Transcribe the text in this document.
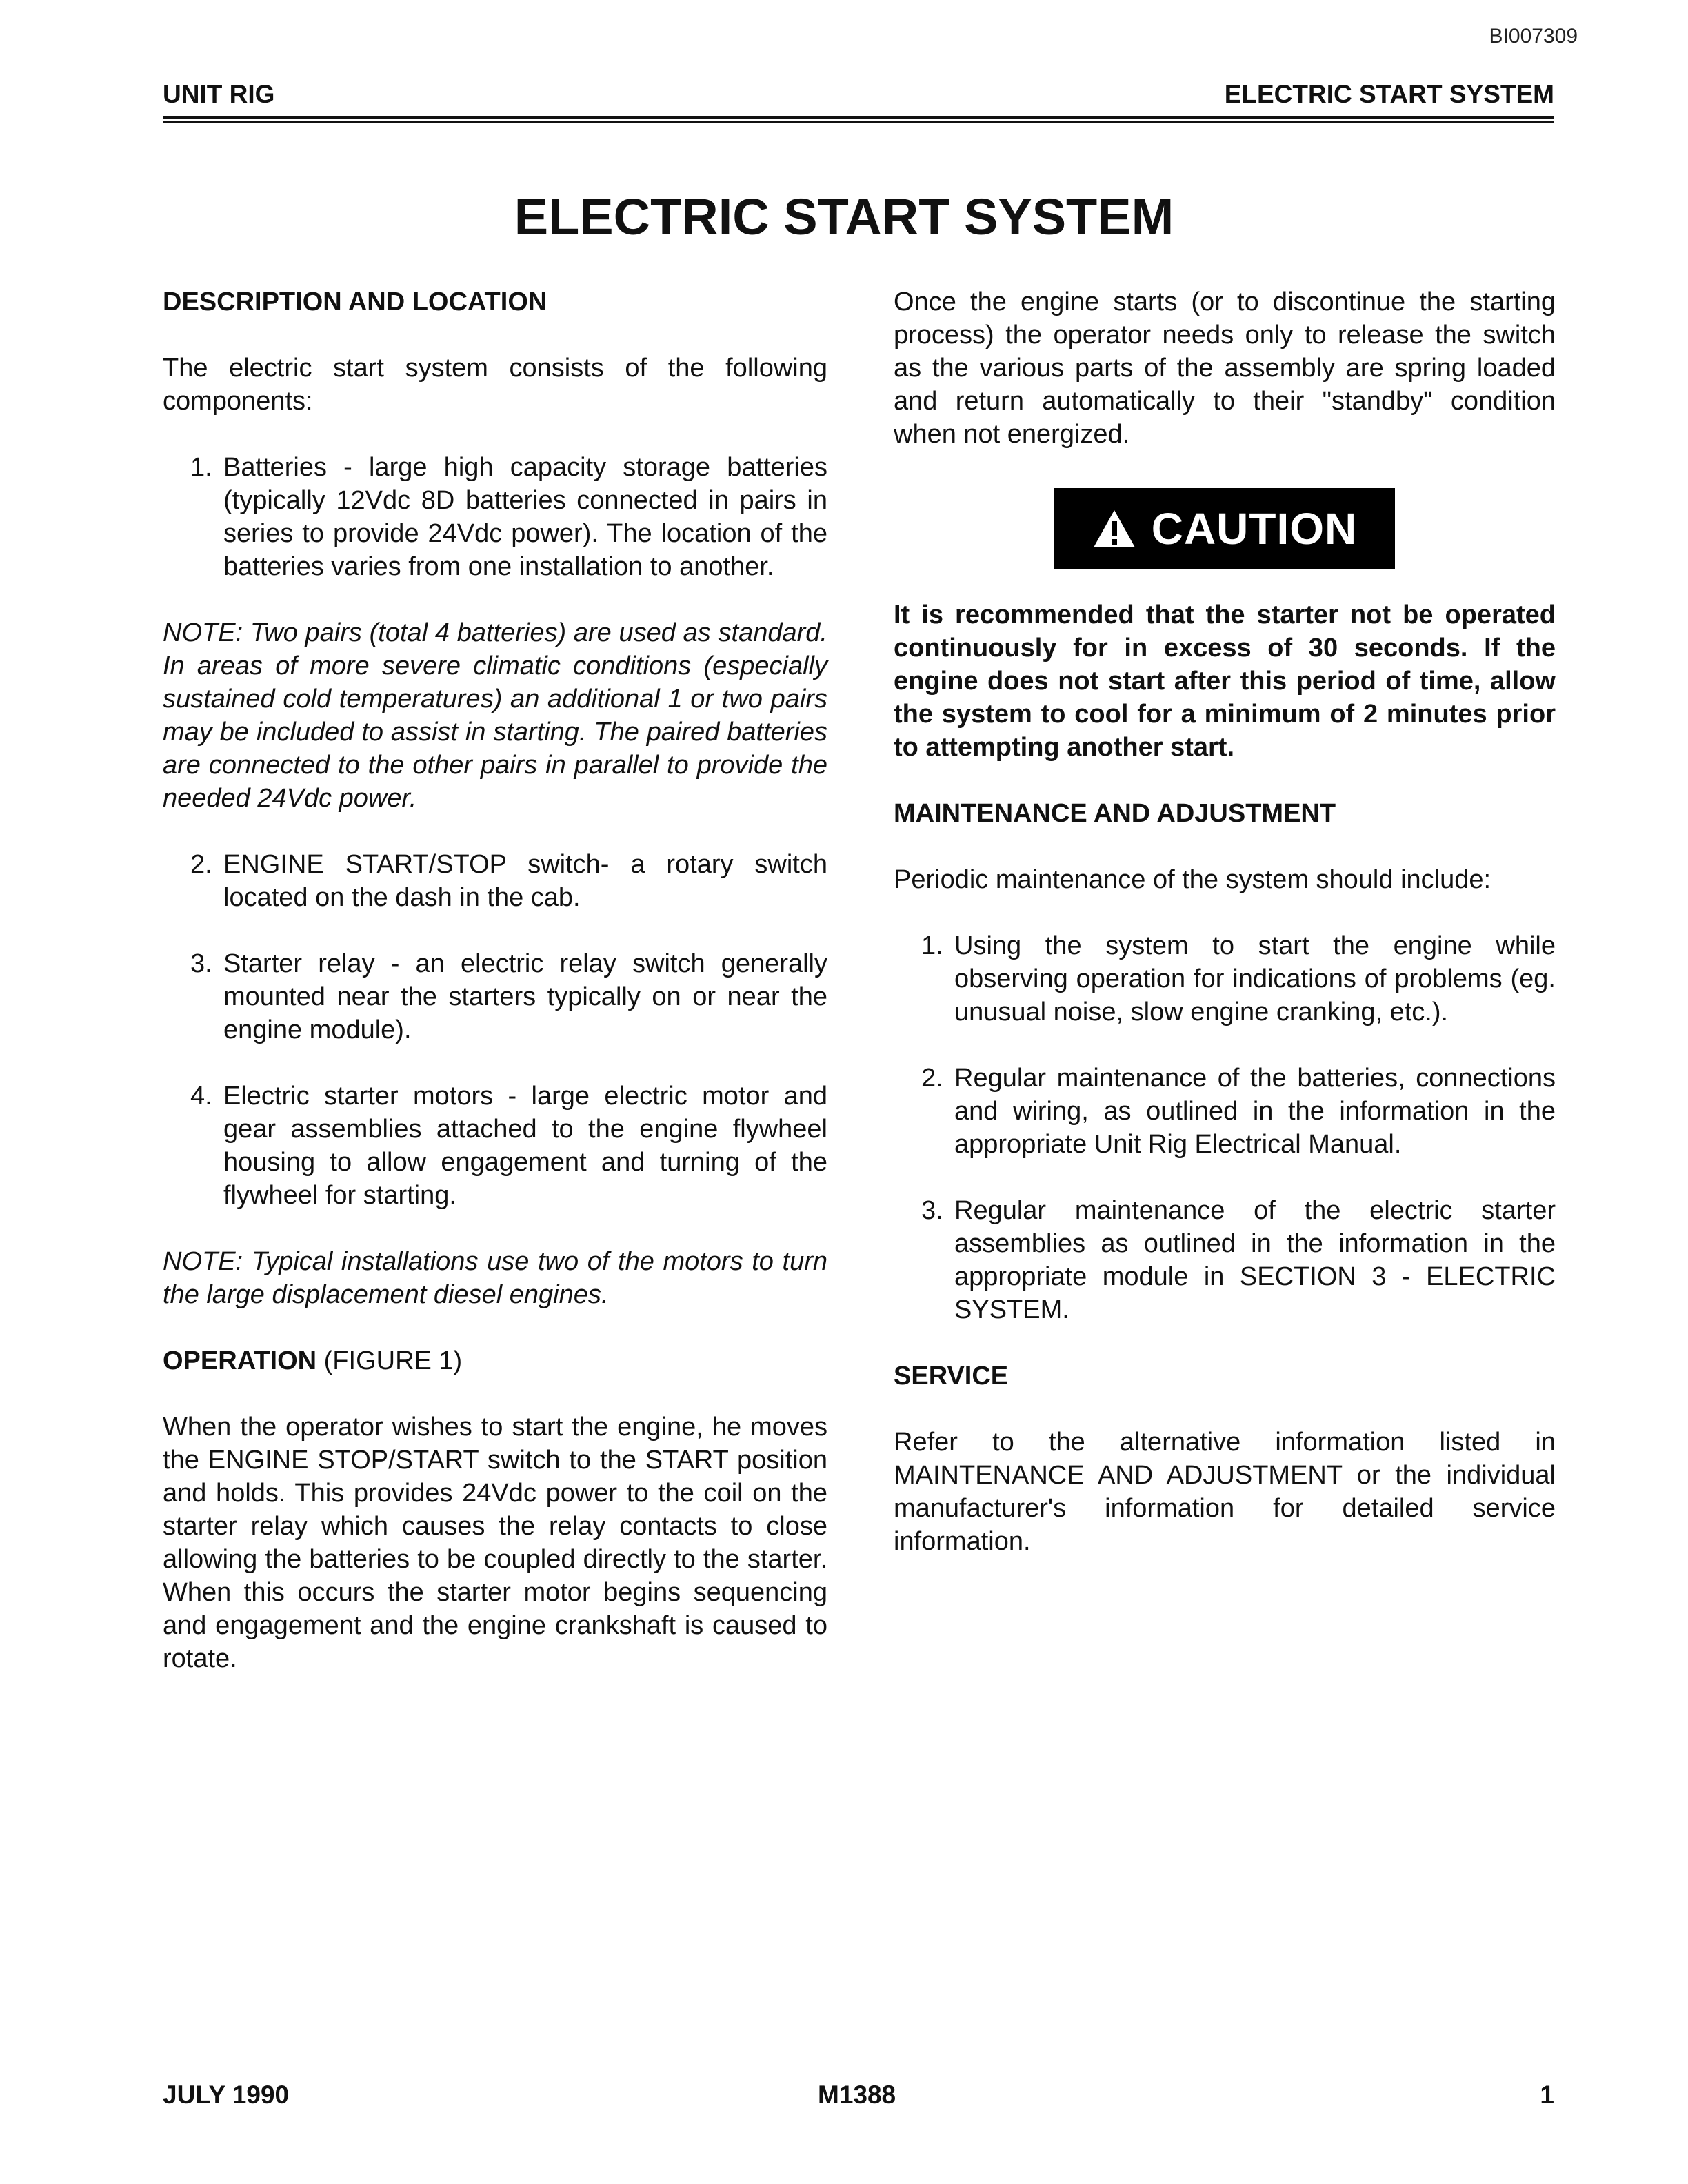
BI007309
UNIT RIG	ELECTRIC START SYSTEM
ELECTRIC START SYSTEM
DESCRIPTION AND LOCATION

The electric start system consists of the following components:

1. Batteries - large high capacity storage batteries (typically 12Vdc 8D batteries connected in pairs in series to provide 24Vdc power). The location of the batteries varies from one installation to another.

NOTE: Two pairs (total 4 batteries) are used as standard. In areas of more severe climatic conditions (especially sustained cold temperatures) an additional 1 or two pairs may be included to assist in starting. The paired batteries are connected to the other pairs in parallel to provide the needed 24Vdc power.

2. ENGINE START/STOP switch- a rotary switch located on the dash in the cab.
3. Starter relay - an electric relay switch generally mounted near the starters typically on or near the engine module).
4. Electric starter motors - large electric motor and gear assemblies attached to the engine flywheel housing to allow engagement and turning of the flywheel for starting.

NOTE: Typical installations use two of the motors to turn the large displacement diesel engines.

OPERATION (FIGURE 1)

When the operator wishes to start the engine, he moves the ENGINE STOP/START switch to the START position and holds. This provides 24Vdc power to the coil on the starter relay which causes the relay contacts to close allowing the batteries to be coupled directly to the starter. When this occurs the starter motor begins sequencing and engagement and the engine crankshaft is caused to rotate.

Once the engine starts (or to discontinue the starting process) the operator needs only to release the switch as the various parts of the assembly are spring loaded and return automatically to their "standby" condition when not energized.

CAUTION

It is recommended that the starter not be operated continuously for in excess of 30 seconds. If the engine does not start after this period of time, allow the system to cool for a minimum of 2 minutes prior to attempting another start.

MAINTENANCE AND ADJUSTMENT

Periodic maintenance of the system should include:

1. Using the system to start the engine while observing operation for indications of problems (eg. unusual noise, slow engine cranking, etc.).
2. Regular maintenance of the batteries, connections and wiring, as outlined in the information in the appropriate Unit Rig Electrical Manual.
3. Regular maintenance of the electric starter assemblies as outlined in the information in the appropriate module in SECTION 3 - ELECTRIC SYSTEM.
SERVICE

Refer to the alternative information listed in MAINTENANCE AND ADJUSTMENT or the individual manufacturer's information for detailed service information.

JULY 1990	M1388	1
